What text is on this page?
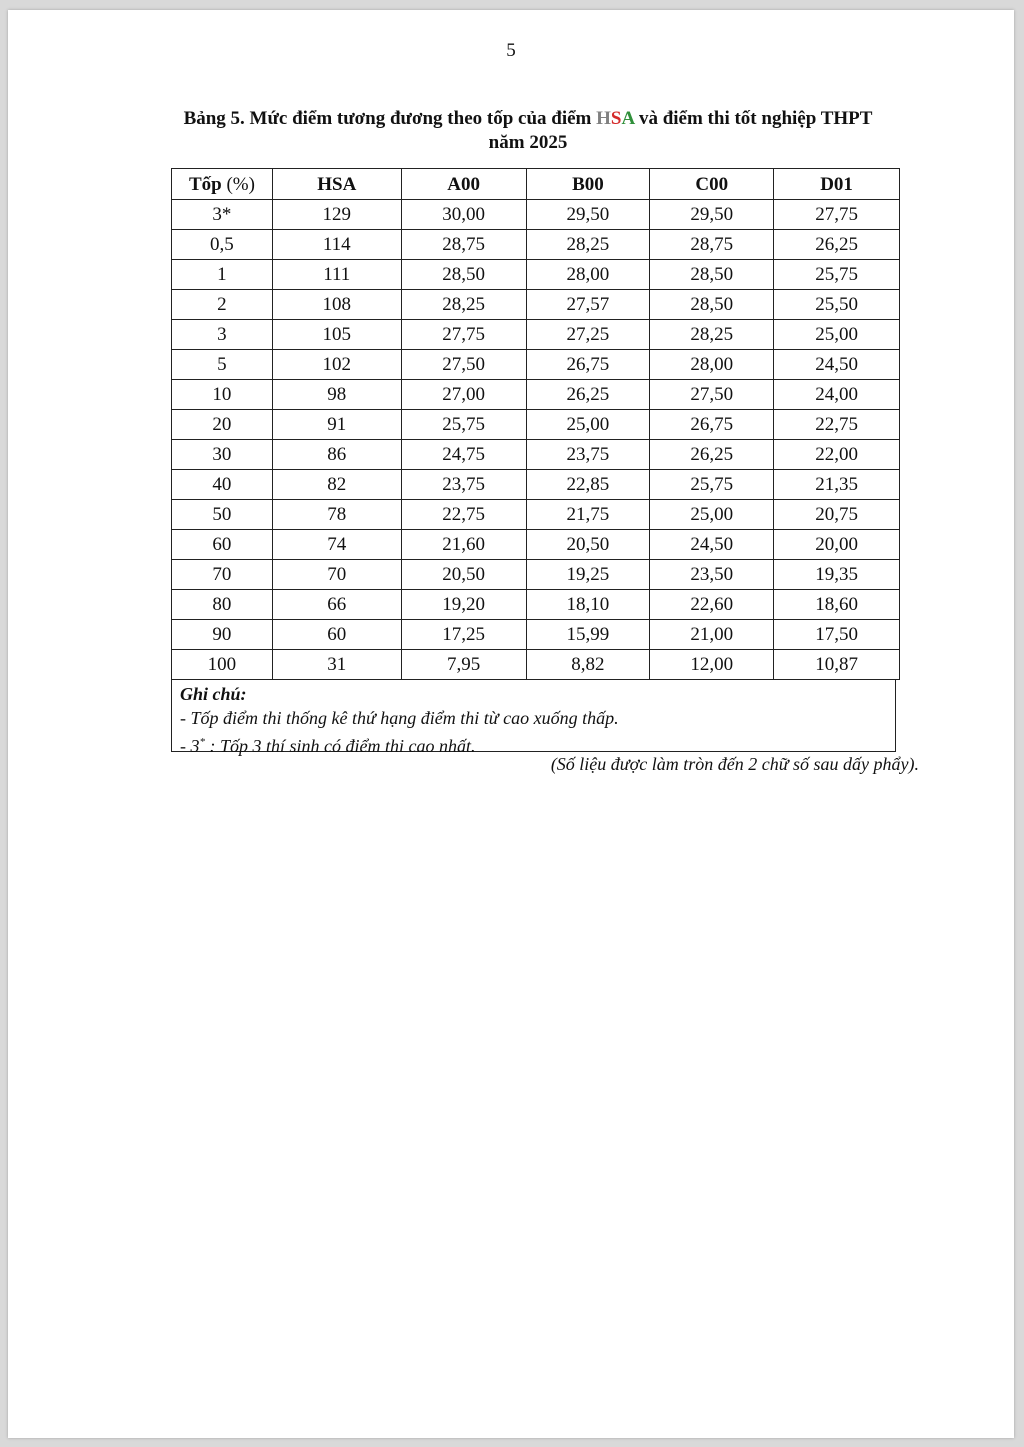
5
Bảng 5. Mức điểm tương đương theo tốp của điểm HSA và điểm thi tốt nghiệp THPT
năm 2025
Tốp (%)	HSA	A00	B00	C00	D01
3*	129	30,00	29,50	29,50	27,75
0,5	114	28,75	28,25	28,75	26,25
1	111	28,50	28,00	28,50	25,75
2	108	28,25	27,57	28,50	25,50
3	105	27,75	27,25	28,25	25,00
5	102	27,50	26,75	28,00	24,50
10	98	27,00	26,25	27,50	24,00
20	91	25,75	25,00	26,75	22,75
30	86	24,75	23,75	26,25	22,00
40	82	23,75	22,85	25,75	21,35
50	78	22,75	21,75	25,00	20,75
60	74	21,60	20,50	24,50	20,00
70	70	20,50	19,25	23,50	19,35
80	66	19,20	18,10	22,60	18,60
90	60	17,25	15,99	21,00	17,50
100	31	7,95	8,82	12,00	10,87
Ghi chú:
- Tốp điểm thi thống kê thứ hạng điểm thi từ cao xuống thấp.
- 3* : Tốp 3 thí sinh có điểm thi cao nhất.
(Số liệu được làm tròn đến 2 chữ số sau dấy phẩy).
